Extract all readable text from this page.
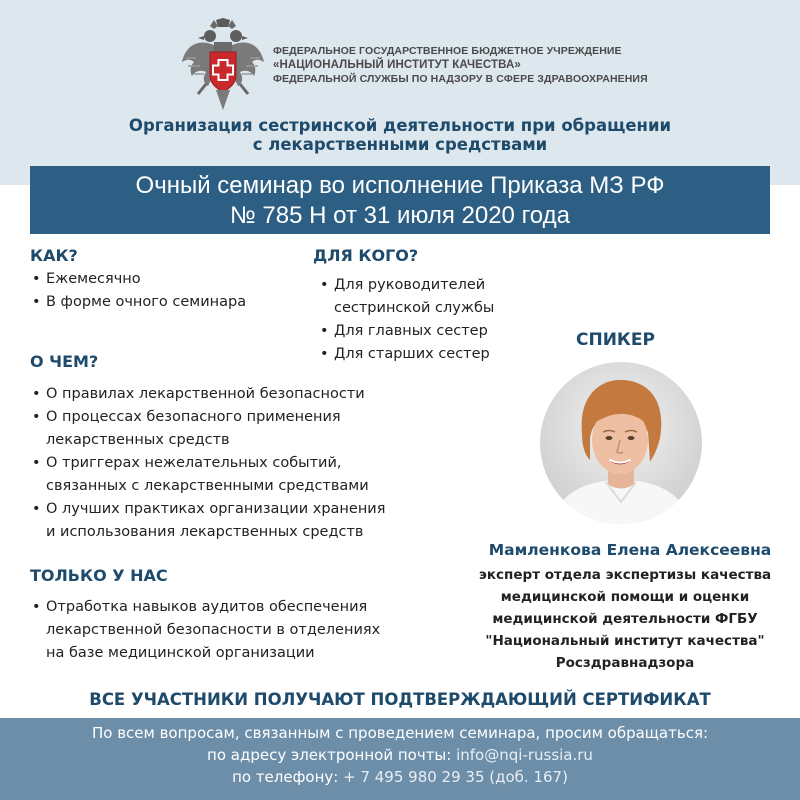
ФЕДЕРАЛЬНОЕ ГОСУДАРСТВЕННОЕ БЮДЖЕТНОЕ УЧРЕЖДЕНИЕ
«НАЦИОНАЛЬНЫЙ ИНСТИТУТ КАЧЕСТВА»
ФЕДЕРАЛЬНОЙ СЛУЖБЫ ПО НАДЗОРУ В СФЕРЕ ЗДРАВООХРАНЕНИЯ
Организация сестринской деятельности при обращении
с лекарственными средствами
Очный семинар во исполнение Приказа МЗ РФ
№ 785 Н от 31 июля 2020 года
КАК?
• Ежемесячно
• В форме очного семинара
ДЛЯ КОГО?
• Для руководителей
сестринской службы
• Для главных сестер
• Для старших сестер
О ЧЕМ?
• О правилах лекарственной безопасности
• О процессах безопасного применения
лекарственных средств
• О триггерах нежелательных событий,
связанных с лекарственными средствами
• О лучших практиках организации хранения
и использования лекарственных средств
ТОЛЬКО У НАС
• Отработка навыков аудитов обеспечения
лекарственной безопасности в отделениях
на базе медицинской организации
СПИКЕР
Мамленкова Елена Алексеевна
эксперт отдела экспертизы качества
медицинской помощи и оценки
медицинской деятельности ФГБУ
"Национальный институт качества"
Росздравнадзора
ВСЕ УЧАСТНИКИ ПОЛУЧАЮТ ПОДТВЕРЖДАЮЩИЙ СЕРТИФИКАТ
По всем вопросам, связанным с проведением семинара, просим обращаться:
по адресу электронной почты: info@nqi-russia.ru
по телефону: + 7 495 980 29 35 (доб. 167)
